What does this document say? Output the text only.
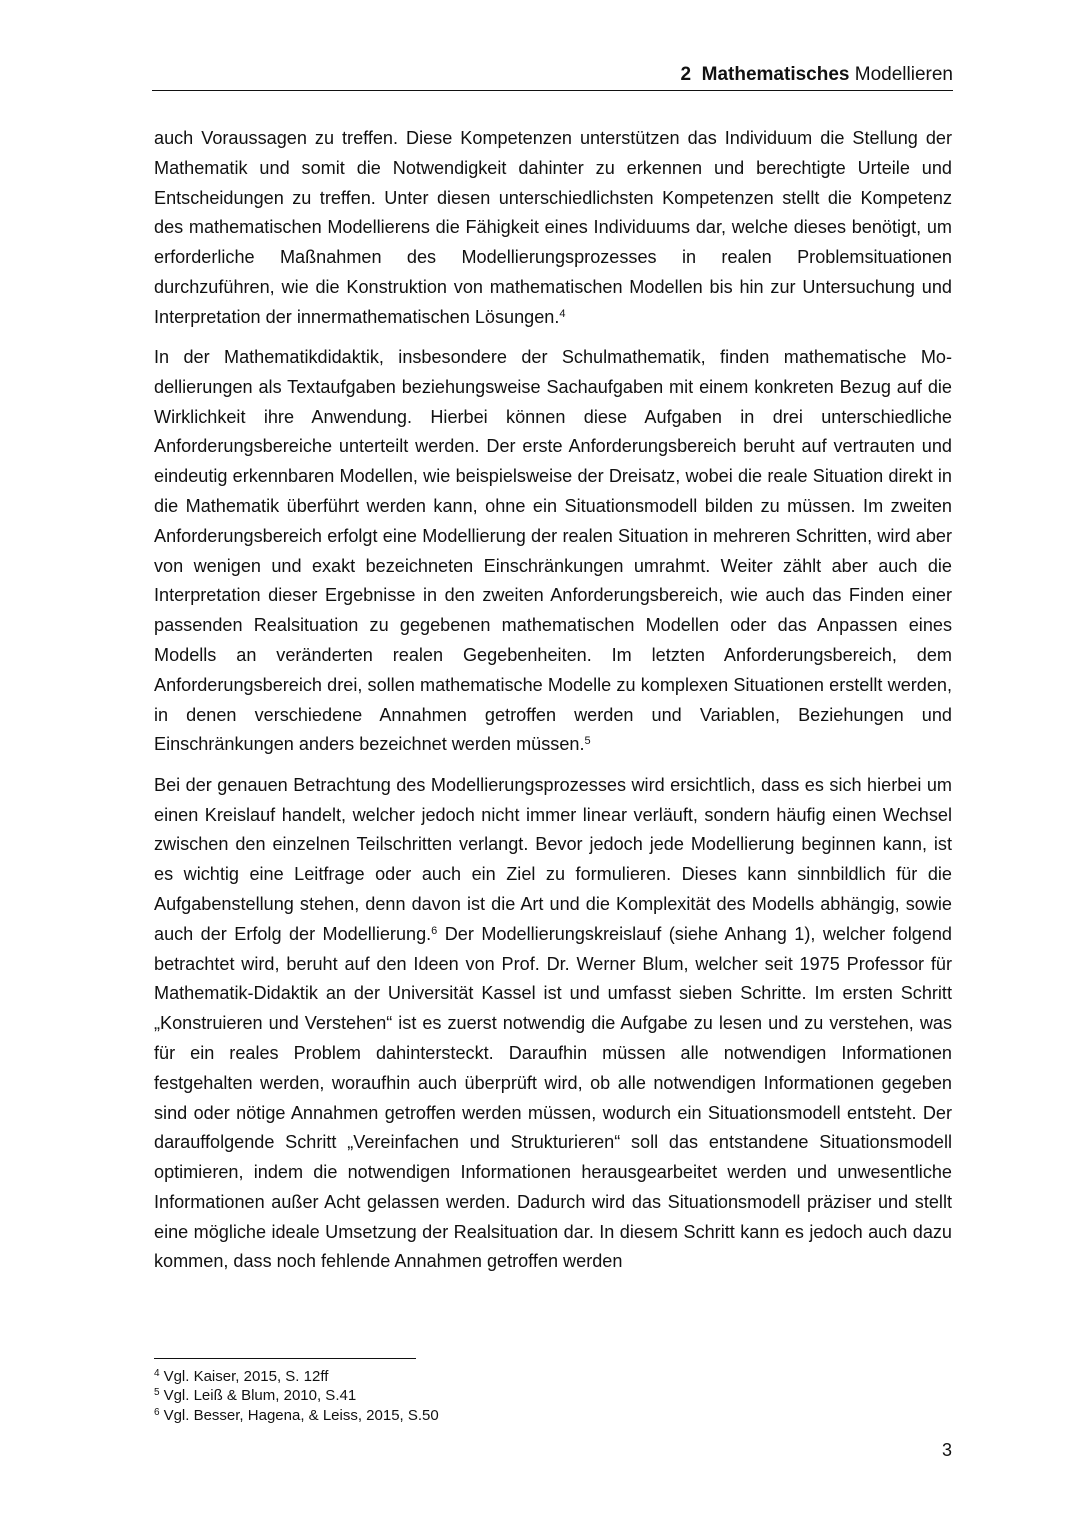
2 Mathematisches Modellieren

auch Voraussagen zu treffen. Diese Kompetenzen unterstützen das Individuum die Stellung der Mathematik und somit die Notwendigkeit dahinter zu erkennen und berechtigte Urteile und Entscheidungen zu treffen. Unter diesen unterschiedlichsten Kompetenzen stellt die Kompetenz des mathematischen Modellierens die Fähigkeit eines Individuums dar, welche dieses benötigt, um erforderliche Maßnahmen des Modellierungsprozesses in realen Problemsituationen durchzuführen, wie die Konstruktion von mathematischen Modellen bis hin zur Untersuchung und Interpretation der innermathematischen Lösungen.$^4$

In der Mathematikdidaktik, insbesondere der Schulmathematik, finden mathematische Modellierungen als Textaufgaben beziehungsweise Sachaufgaben mit einem konkreten Bezug auf die Wirklichkeit ihre Anwendung. Hierbei können diese Aufgaben in drei unterschiedliche Anforderungsbereiche unterteilt werden. Der erste Anforderungsbereich beruht auf vertrauten und eindeutig erkennbaren Modellen, wie beispielsweise der Dreisatz, wobei die reale Situation direkt in die Mathematik überführt werden kann, ohne ein Situationsmodell bilden zu müssen. Im zweiten Anforderungsbereich erfolgt eine Modellierung der realen Situation in mehreren Schritten, wird aber von wenigen und exakt bezeichneten Einschränkungen umrahmt. Weiter zählt aber auch die Interpretation dieser Ergebnisse in den zweiten Anforderungsbereich, wie auch das Finden einer passenden Realsituation zu gegebenen mathematischen Modellen oder das Anpassen eines Modells an veränderten realen Gegebenheiten. Im letzten Anforderungsbereich, dem Anforderungsbereich drei, sollen mathematische Modelle zu komplexen Situationen erstellt werden, in denen verschiedene Annahmen getroffen werden und Variablen, Beziehungen und Einschränkungen anders bezeichnet werden müssen.$^5$

Bei der genauen Betrachtung des Modellierungsprozesses wird ersichtlich, dass es sich hierbei um einen Kreislauf handelt, welcher jedoch nicht immer linear verläuft, sondern häufig einen Wechsel zwischen den einzelnen Teilschritten verlangt. Bevor jedoch jede Modellierung beginnen kann, ist es wichtig eine Leitfrage oder auch ein Ziel zu formulieren. Dieses kann sinnbildlich für die Aufgabenstellung stehen, denn davon ist die Art und die Komplexität des Modells abhängig, sowie auch der Erfolg der Modellierung.$^6$ Der Modellierungskreislauf (siehe Anhang 1), welcher folgend betrachtet wird, beruht auf den Ideen von Prof. Dr. Werner Blum, welcher seit 1975 Professor für Mathematik-Didaktik an der Universität Kassel ist und umfasst sieben Schritte. Im ersten Schritt „Konstruieren und Verstehen“ ist es zuerst notwendig die Aufgabe zu lesen und zu verstehen, was für ein reales Problem dahintersteckt. Daraufhin müssen alle notwendigen Informationen festgehalten werden, woraufhin auch überprüft wird, ob alle notwendigen Informationen gegeben sind oder nötige Annahmen getroffen werden müssen, wodurch ein Situationsmodell entsteht. Der darauffolgende Schritt „Vereinfachen und Strukturieren“ soll das entstandene Situationsmodell optimieren, indem die notwendigen Informationen herausgearbeitet werden und unwesentliche Informationen außer Acht gelassen werden. Dadurch wird das Situationsmodell präziser und stellt eine mögliche ideale Umsetzung der Realsituation dar. In diesem Schritt kann es jedoch auch dazu kommen, dass noch fehlende Annahmen getroffen werden

$^4$ Vgl. Kaiser, 2015, S. 12ff
$^5$ Vgl. Leiß & Blum, 2010, S.41
$^6$ Vgl. Besser, Hagena, & Leiss, 2015, S.50
3
